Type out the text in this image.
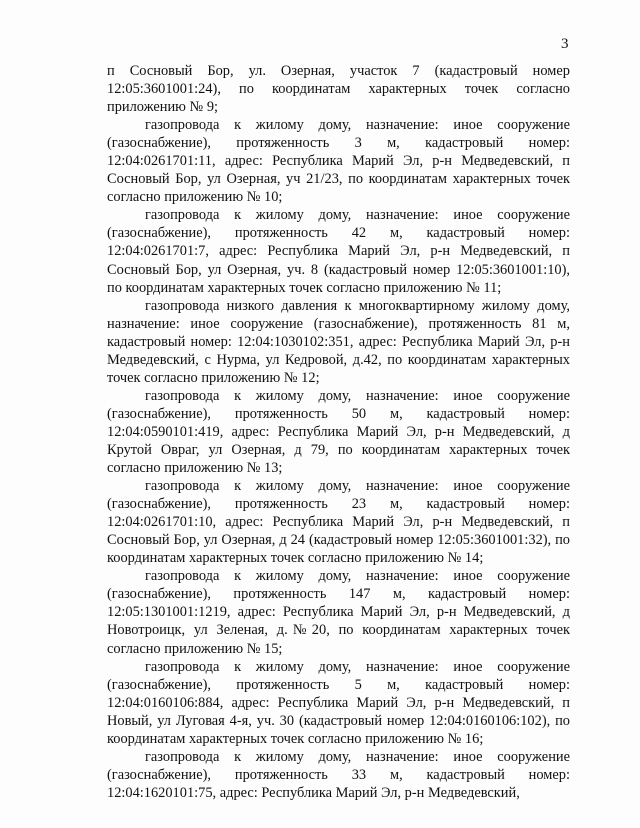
3

п Сосновый Бор, ул. Озерная, участок 7 (кадастровый номер 12:05:3601001:24), по координатам характерных точек согласно приложению № 9;

газопровода к жилому дому, назначение: иное сооружение (газоснабжение), протяженность 3 м, кадастровый номер: 12:04:0261701:11, адрес: Республика Марий Эл, р-н Медведевский, п Сосновый Бор, ул Озерная, уч 21/23, по координатам характерных точек согласно приложению № 10;

газопровода к жилому дому, назначение: иное сооружение (газоснабжение), протяженность 42 м, кадастровый номер: 12:04:0261701:7, адрес: Республика Марий Эл, р-н Медведевский, п Сосновый Бор, ул Озерная, уч. 8 (кадастровый номер 12:05:3601001:10), по координатам характерных точек согласно приложению № 11;

газопровода низкого давления к многоквартирному жилому дому, назначение: иное сооружение (газоснабжение), протяженность 81 м, кадастровый номер: 12:04:1030102:351, адрес: Республика Марий Эл, р-н Медведевский, с Нурма, ул Кедровой, д.42, по координатам характерных точек согласно приложению № 12;

газопровода к жилому дому, назначение: иное сооружение (газоснабжение), протяженность 50 м, кадастровый номер: 12:04:0590101:419, адрес: Республика Марий Эл, р-н Медведевский, д Крутой Овраг, ул Озерная, д 79, по координатам характерных точек согласно приложению № 13;

газопровода к жилому дому, назначение: иное сооружение (газоснабжение), протяженность 23 м, кадастровый номер: 12:04:0261701:10, адрес: Республика Марий Эл, р-н Медведевский, п Сосновый Бор, ул Озерная, д 24 (кадастровый номер 12:05:3601001:32), по координатам характерных точек согласно приложению № 14;

газопровода к жилому дому, назначение: иное сооружение (газоснабжение), протяженность 147 м, кадастровый номер: 12:05:1301001:1219, адрес: Республика Марий Эл, р-н Медведевский, д Новотроицк, ул Зеленая, д.№20, по координатам характерных точек согласно приложению № 15;

газопровода к жилому дому, назначение: иное сооружение (газоснабжение), протяженность 5 м, кадастровый номер: 12:04:0160106:884, адрес: Республика Марий Эл, р-н Медведевский, п Новый, ул Луговая 4-я, уч. 30 (кадастровый номер 12:04:0160106:102), по координатам характерных точек согласно приложению № 16;

газопровода к жилому дому, назначение: иное сооружение (газоснабжение), протяженность 33 м, кадастровый номер: 12:04:1620101:75, адрес: Республика Марий Эл, р-н Медведевский,
